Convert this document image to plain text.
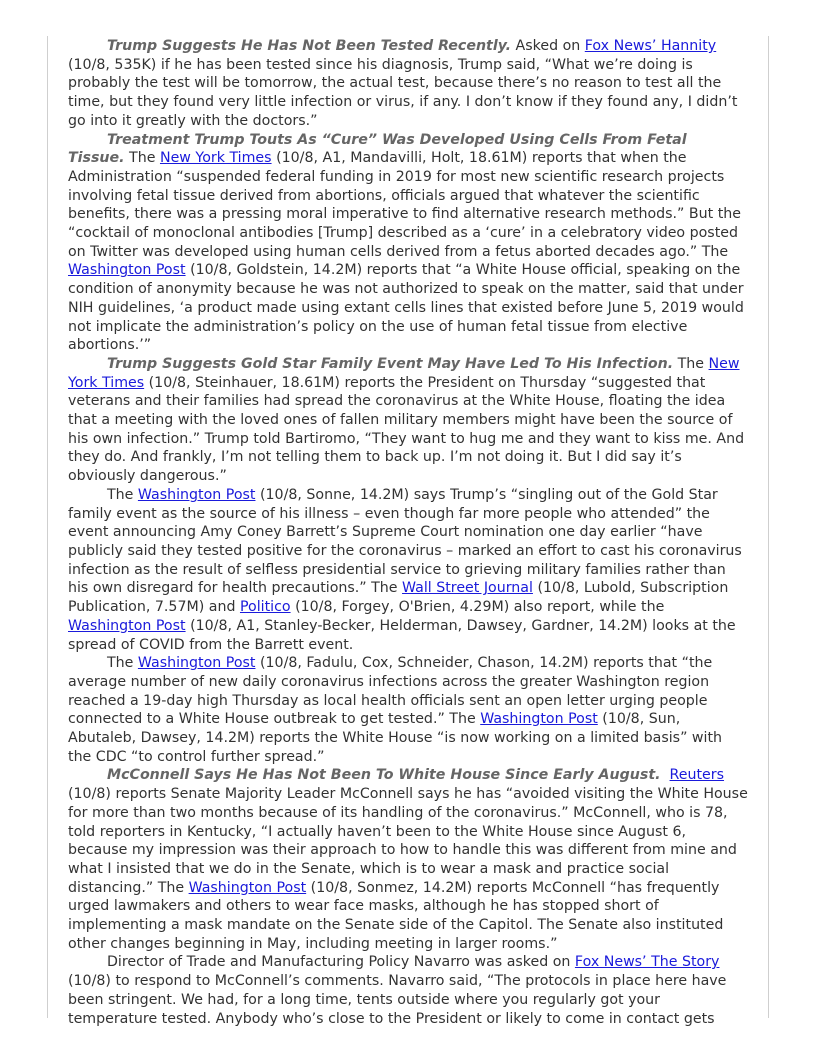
Trump Suggests He Has Not Been Tested Recently. Asked on Fox News’ Hannity (10/8, 535K) if he has been tested since his diagnosis, Trump said, “What we’re doing is probably the test will be tomorrow, the actual test, because there’s no reason to test all the time, but they found very little infection or virus, if any. I don’t know if they found any, I didn’t go into it greatly with the doctors.”

Treatment Trump Touts As “Cure” Was Developed Using Cells From Fetal Tissue. The New York Times (10/8, A1, Mandavilli, Holt, 18.61M) reports that when the Administration “suspended federal funding in 2019 for most new scientific research projects involving fetal tissue derived from abortions, officials argued that whatever the scientific benefits, there was a pressing moral imperative to find alternative research methods.” But the “cocktail of monoclonal antibodies [Trump] described as a ‘cure’ in a celebratory video posted on Twitter was developed using human cells derived from a fetus aborted decades ago.” The Washington Post (10/8, Goldstein, 14.2M) reports that “a White House official, speaking on the condition of anonymity because he was not authorized to speak on the matter, said that under NIH guidelines, ‘a product made using extant cells lines that existed before June 5, 2019 would not implicate the administration’s policy on the use of human fetal tissue from elective abortions.’”

Trump Suggests Gold Star Family Event May Have Led To His Infection. The New York Times (10/8, Steinhauer, 18.61M) reports the President on Thursday “suggested that veterans and their families had spread the coronavirus at the White House, floating the idea that a meeting with the loved ones of fallen military members might have been the source of his own infection.” Trump told Bartiromo, “They want to hug me and they want to kiss me. And they do. And frankly, I’m not telling them to back up. I’m not doing it. But I did say it’s obviously dangerous.”

The Washington Post (10/8, Sonne, 14.2M) says Trump’s “singling out of the Gold Star family event as the source of his illness – even though far more people who attended” the event announcing Amy Coney Barrett’s Supreme Court nomination one day earlier “have publicly said they tested positive for the coronavirus – marked an effort to cast his coronavirus infection as the result of selfless presidential service to grieving military families rather than his own disregard for health precautions.” The Wall Street Journal (10/8, Lubold, Subscription Publication, 7.57M) and Politico (10/8, Forgey, O'Brien, 4.29M) also report, while the Washington Post (10/8, A1, Stanley-Becker, Helderman, Dawsey, Gardner, 14.2M) looks at the spread of COVID from the Barrett event.

The Washington Post (10/8, Fadulu, Cox, Schneider, Chason, 14.2M) reports that “the average number of new daily coronavirus infections across the greater Washington region reached a 19-day high Thursday as local health officials sent an open letter urging people connected to a White House outbreak to get tested.” The Washington Post (10/8, Sun, Abutaleb, Dawsey, 14.2M) reports the White House “is now working on a limited basis” with the CDC “to control further spread.”

McConnell Says He Has Not Been To White House Since Early August. Reuters (10/8) reports Senate Majority Leader McConnell says he has “avoided visiting the White House for more than two months because of its handling of the coronavirus.” McConnell, who is 78, told reporters in Kentucky, “I actually haven’t been to the White House since August 6, because my impression was their approach to how to handle this was different from mine and what I insisted that we do in the Senate, which is to wear a mask and practice social distancing.” The Washington Post (10/8, Sonmez, 14.2M) reports McConnell “has frequently urged lawmakers and others to wear face masks, although he has stopped short of implementing a mask mandate on the Senate side of the Capitol. The Senate also instituted other changes beginning in May, including meeting in larger rooms.”

Director of Trade and Manufacturing Policy Navarro was asked on Fox News’ The Story (10/8) to respond to McConnell’s comments. Navarro said, “The protocols in place here have been stringent. We had, for a long time, tents outside where you regularly got your temperature tested. Anybody who’s close to the President or likely to come in contact gets
